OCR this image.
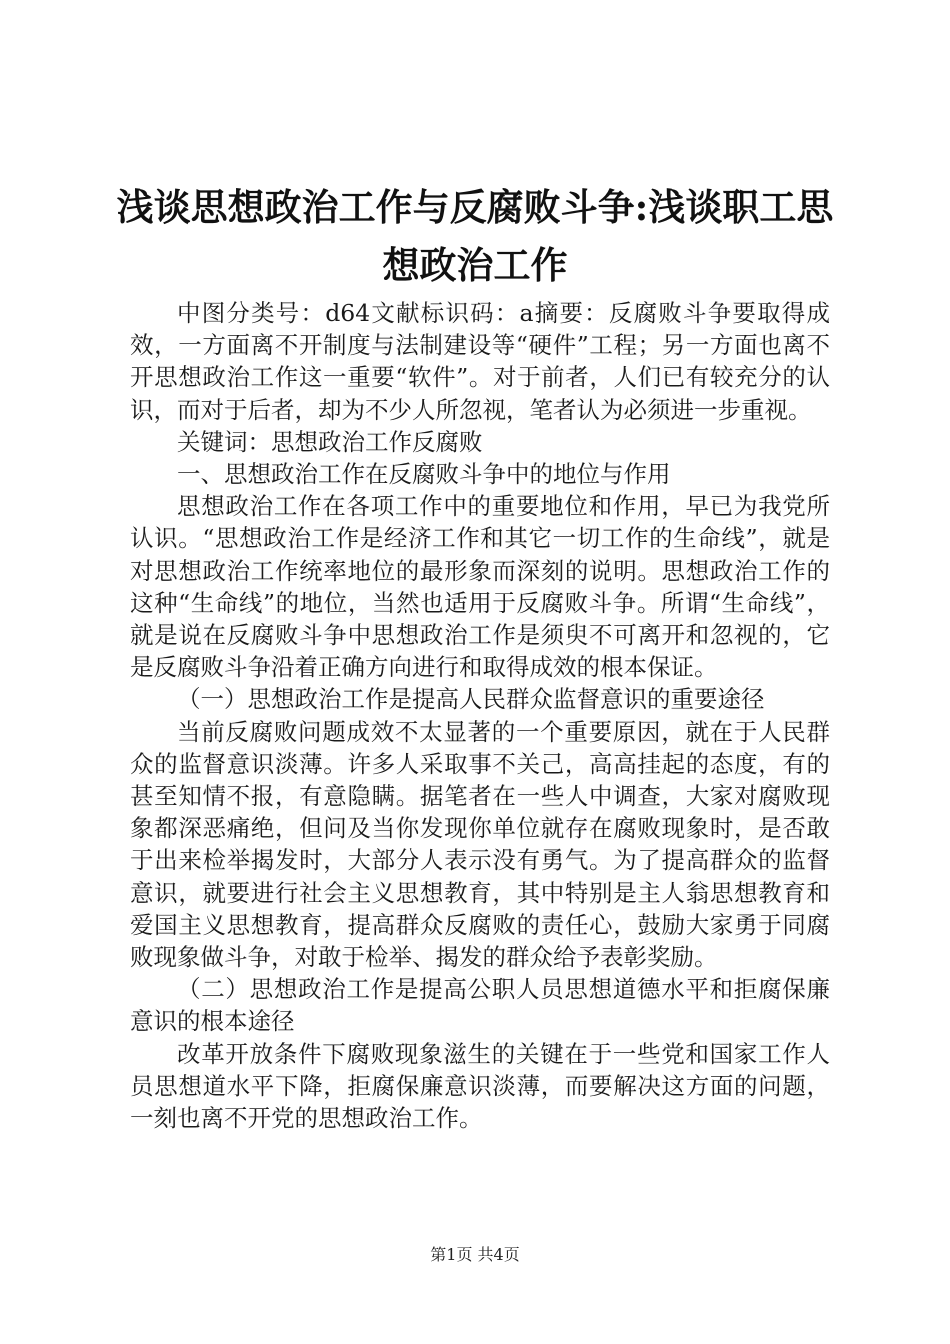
浅谈思想政治工作与反腐败斗争:浅谈职工思想政治工作

中图分类号：d64文献标识码：a摘要：反腐败斗争要取得成效，一方面离不开制度与法制建设等“硬件”工程；另一方面也离不开思想政治工作这一重要“软件”。对于前者，人们已有较充分的认识，而对于后者，却为不少人所忽视，笔者认为必须进一步重视。

关键词：思想政治工作反腐败

一、思想政治工作在反腐败斗争中的地位与作用

思想政治工作在各项工作中的重要地位和作用，早已为我党所认识。“思想政治工作是经济工作和其它一切工作的生命线”，就是对思想政治工作统率地位的最形象而深刻的说明。思想政治工作的这种“生命线”的地位，当然也适用于反腐败斗争。所谓“生命线”，就是说在反腐败斗争中思想政治工作是须臾不可离开和忽视的，它是反腐败斗争沿着正确方向进行和取得成效的根本保证。

（一）思想政治工作是提高人民群众监督意识的重要途径

当前反腐败问题成效不太显著的一个重要原因，就在于人民群众的监督意识淡薄。许多人采取事不关己，高高挂起的态度，有的甚至知情不报，有意隐瞒。据笔者在一些人中调查，大家对腐败现象都深恶痛绝，但问及当你发现你单位就存在腐败现象时，是否敢于出来检举揭发时，大部分人表示没有勇气。为了提高群众的监督意识，就要进行社会主义思想教育，其中特别是主人翁思想教育和爱国主义思想教育，提高群众反腐败的责任心，鼓励大家勇于同腐败现象做斗争，对敢于检举、揭发的群众给予表彰奖励。

（二）思想政治工作是提高公职人员思想道德水平和拒腐保廉意识的根本途径

改革开放条件下腐败现象滋生的关键在于一些党和国家工作人员思想道水平下降，拒腐保廉意识淡薄，而要解决这方面的问题，一刻也离不开党的思想政治工作。

第1页 共4页
